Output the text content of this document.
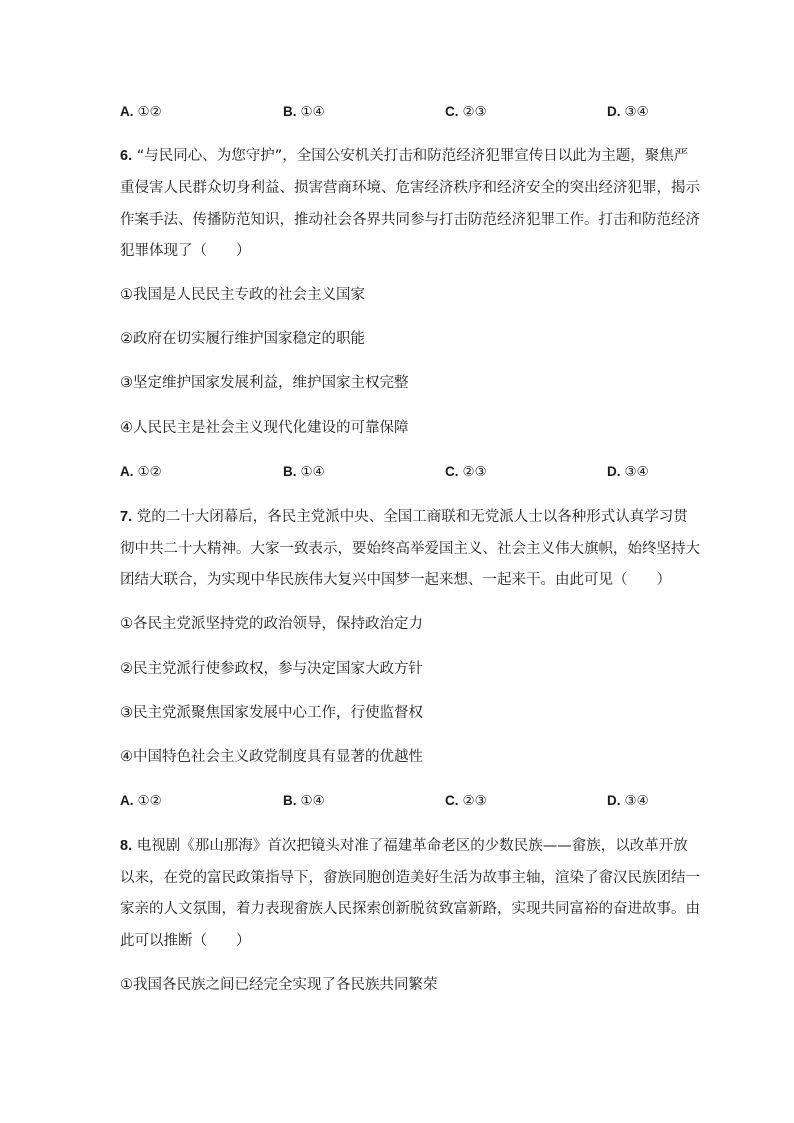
A. ①②	B. ①④	C. ②③	D. ③④
6. “与民同心、为您守护”，全国公安机关打击和防范经济犯罪宣传日以此为主题，聚焦严
重侵害人民群众切身利益、损害营商环境、危害经济秩序和经济安全的突出经济犯罪，揭示
作案手法、传播防范知识，推动社会各界共同参与打击防范经济犯罪工作。打击和防范经济
犯罪体现了（　　）
①我国是人民民主专政的社会主义国家
②政府在切实履行维护国家稳定的职能
③坚定维护国家发展利益，维护国家主权完整
④人民民主是社会主义现代化建设的可靠保障
A. ①②	B. ①④	C. ②③	D. ③④
7. 党的二十大闭幕后，各民主党派中央、全国工商联和无党派人士以各种形式认真学习贯
彻中共二十大精神。大家一致表示，要始终高举爱国主义、社会主义伟大旗帜，始终坚持大
团结大联合，为实现中华民族伟大复兴中国梦一起来想、一起来干。由此可见（　　）
①各民主党派坚持党的政治领导，保持政治定力
②民主党派行使参政权，参与决定国家大政方针
③民主党派聚焦国家发展中心工作，行使监督权
④中国特色社会主义政党制度具有显著的优越性
A. ①②	B. ①④	C. ②③	D. ③④
8. 电视剧《那山那海》首次把镜头对准了福建革命老区的少数民族——畲族，以改革开放
以来，在党的富民政策指导下，畲族同胞创造美好生活为故事主轴，渲染了畲汉民族团结一
家亲的人文氛围，着力表现畲族人民探索创新脱贫致富新路，实现共同富裕的奋进故事。由
此可以推断（　　）
①我国各民族之间已经完全实现了各民族共同繁荣
